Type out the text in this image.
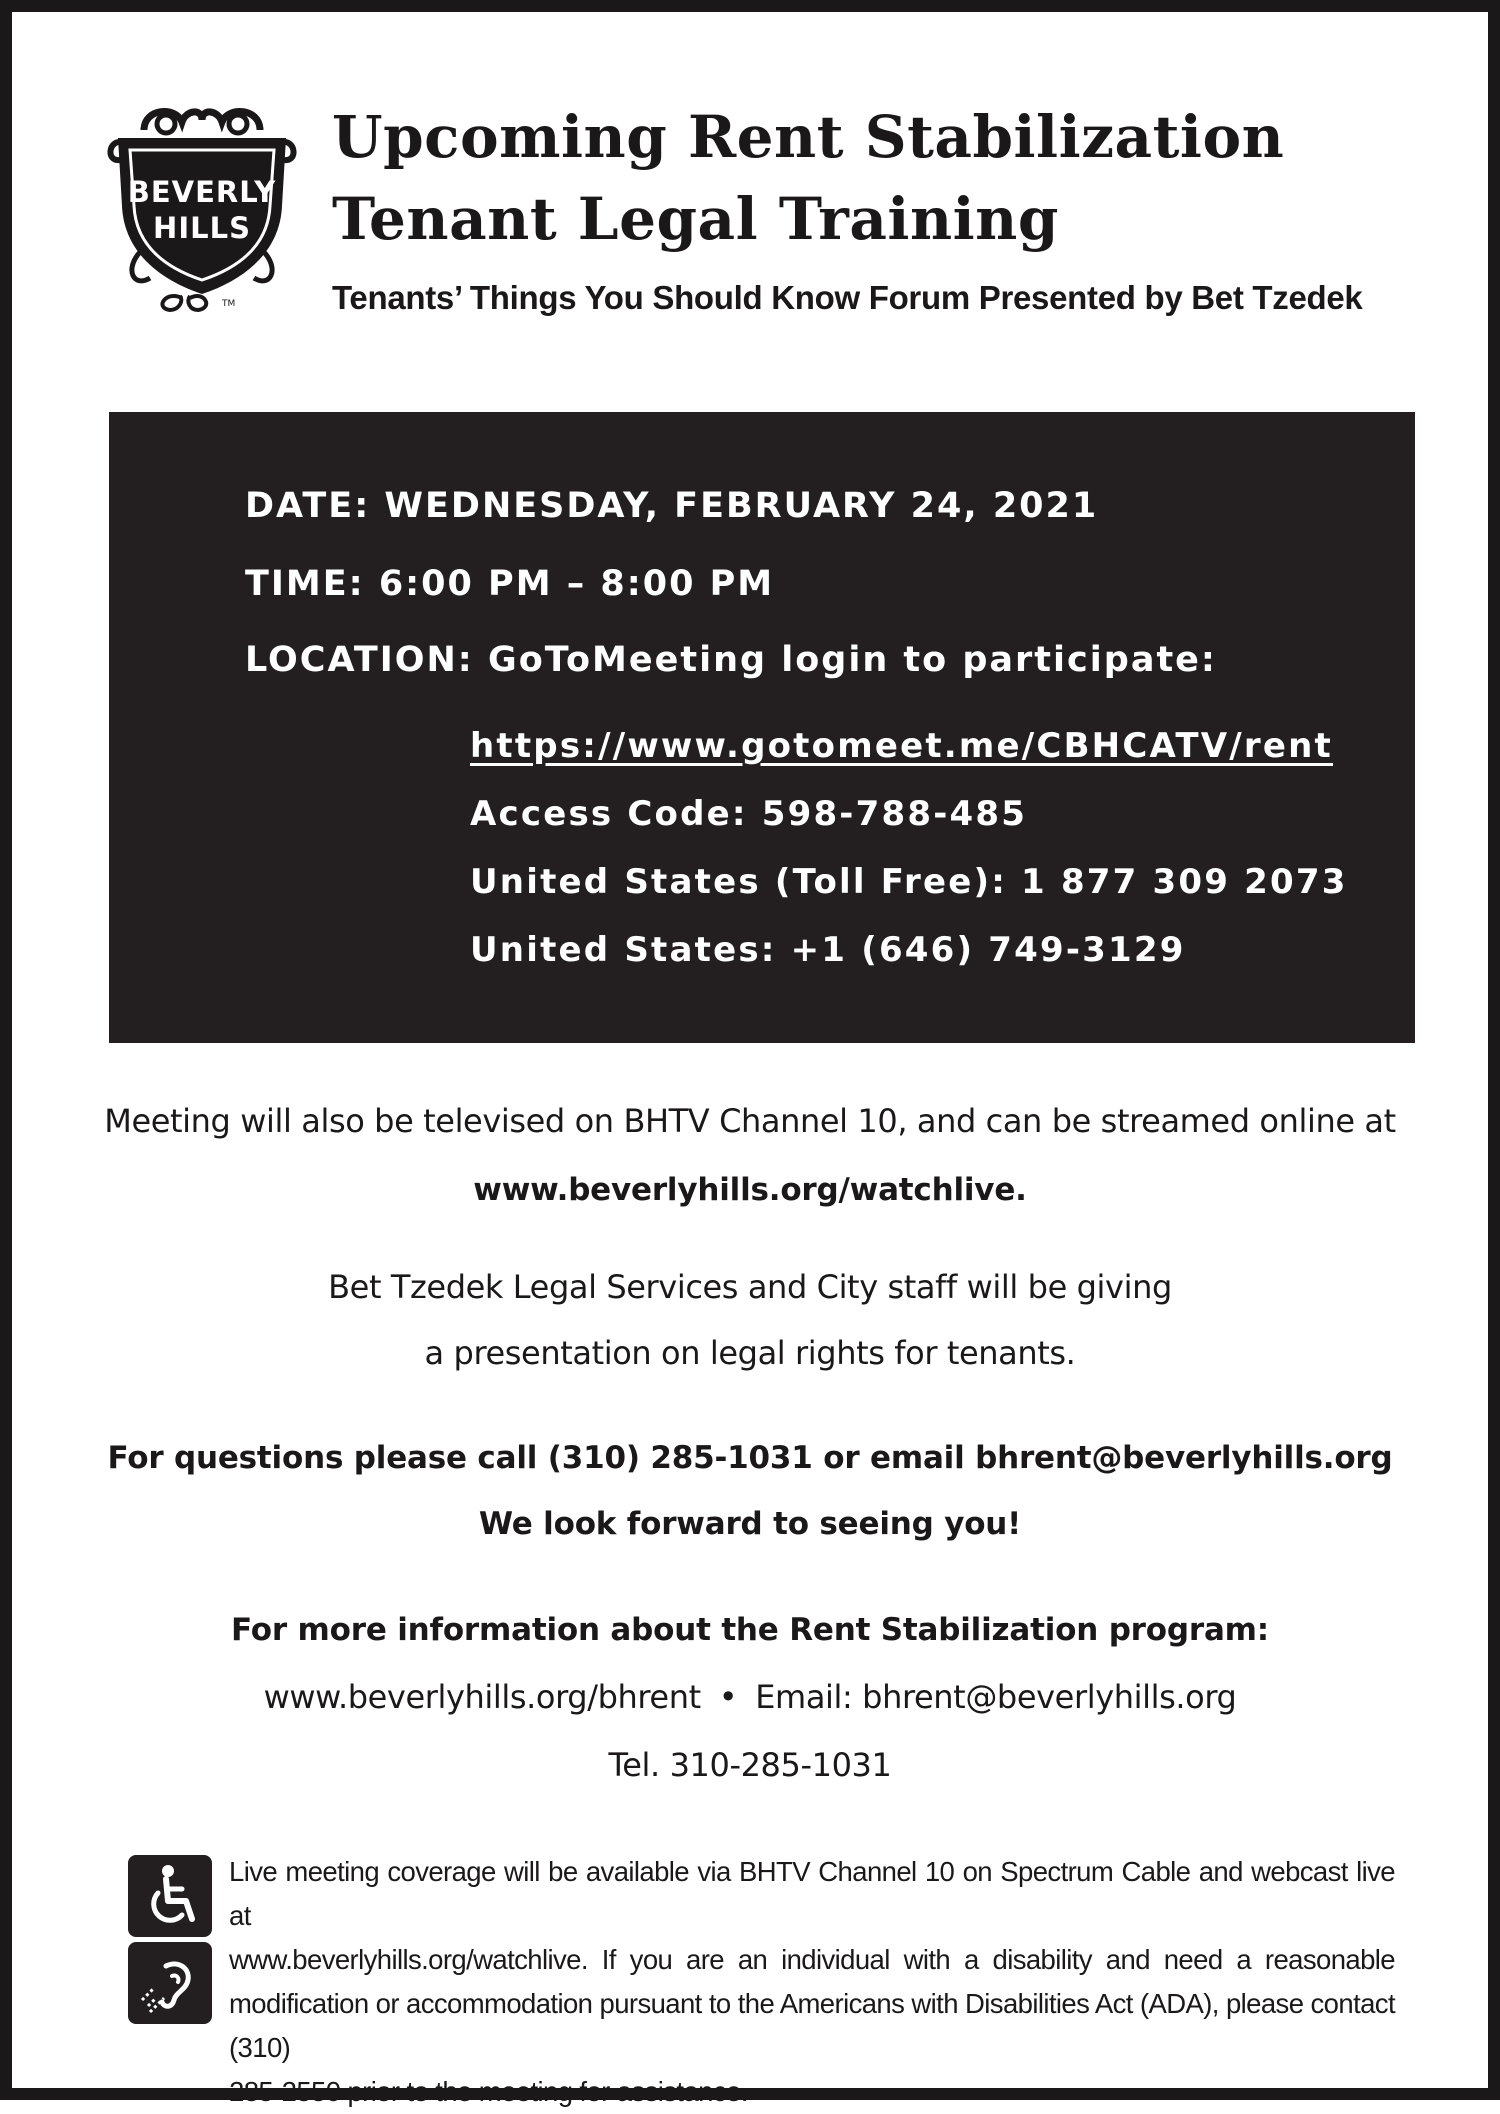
BEVERLY
HILLS
TM
Upcoming Rent Stabilization
Tenant Legal Training
Tenants’ Things You Should Know Forum Presented by Bet Tzedek
DATE: WEDNESDAY, FEBRUARY 24, 2021
TIME: 6:00 PM – 8:00 PM
LOCATION: GoToMeeting login to participate:
https://www.gotomeet.me/CBHCATV/rent
Access Code: 598-788-485
United States (Toll Free): 1 877 309 2073
United States: +1 (646) 749-3129
Meeting will also be televised on BHTV Channel 10, and can be streamed online at
www.beverlyhills.org/watchlive.
Bet Tzedek Legal Services and City staff will be giving
a presentation on legal rights for tenants.
For questions please call (310) 285-1031 or email bhrent@beverlyhills.org
We look forward to seeing you!
For more information about the Rent Stabilization program:
www.beverlyhills.org/bhrent • Email: bhrent@beverlyhills.org
Tel. 310-285-1031
Live meeting coverage will be available via BHTV Channel 10 on Spectrum Cable and webcast live at
www.beverlyhills.org/watchlive. If you are an individual with a disability and need a reasonable
modification or accommodation pursuant to the Americans with Disabilities Act (ADA), please contact (310)
285-2550 prior to the meeting for assistance.
